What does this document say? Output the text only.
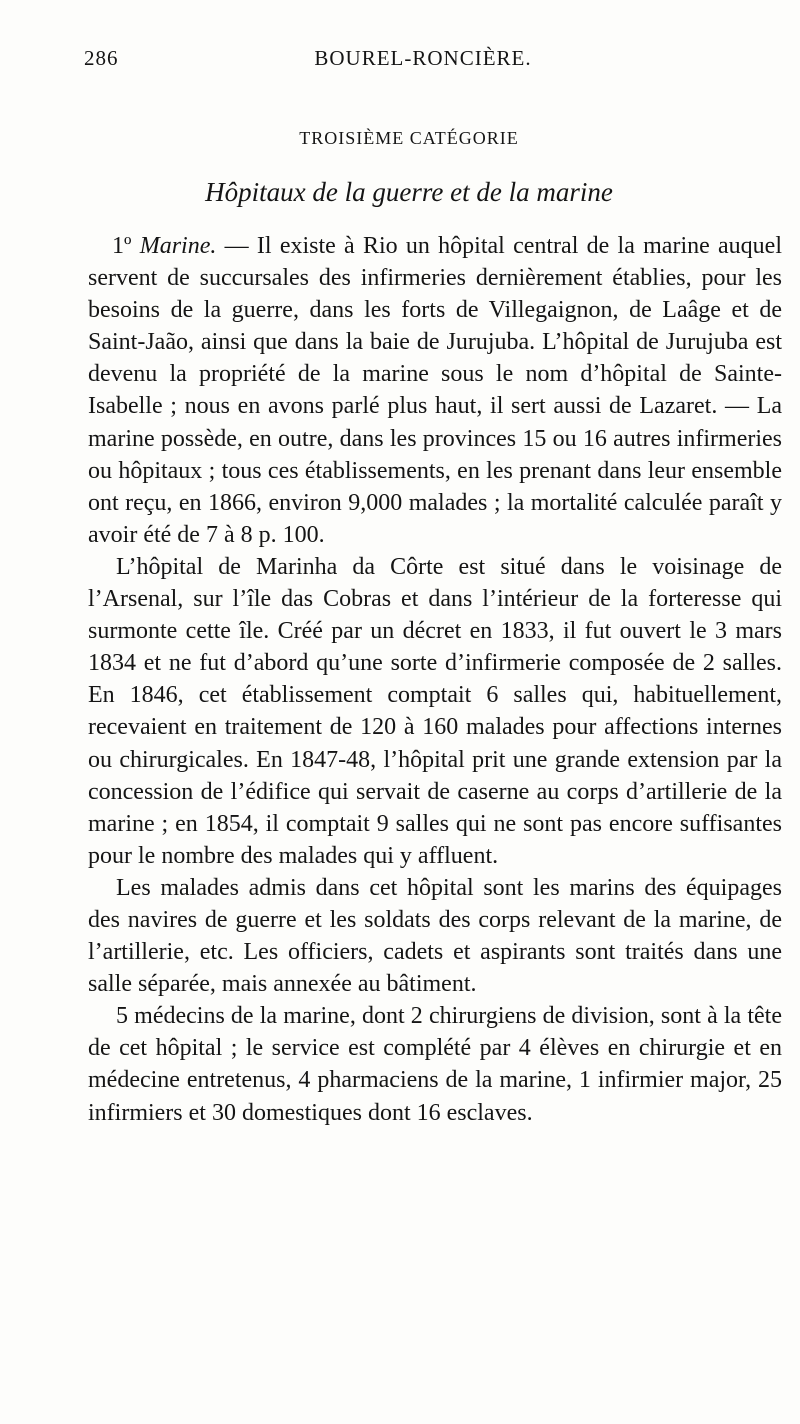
286	BOUREL-RONCIÈRE.
TROISIÈME CATÉGORIE
Hôpitaux de la guerre et de la marine

1º Marine. — Il existe à Rio un hôpital central de la marine auquel servent de succursales des infirmeries dernièrement établies, pour les besoins de la guerre, dans les forts de Villegaignon, de Laâge et de Saint-Jaão, ainsi que dans la baie de Jurujuba. L’hôpital de Jurujuba est devenu la propriété de la marine sous le nom d’hôpital de Sainte-Isabelle ; nous en avons parlé plus haut, il sert aussi de Lazaret. — La marine possède, en outre, dans les provinces 15 ou 16 autres infirmeries ou hôpitaux ; tous ces établissements, en les prenant dans leur ensemble ont reçu, en 1866, environ 9,000 malades ; la mortalité calculée paraît y avoir été de 7 à 8 p. 100.

L’hôpital de Marinha da Côrte est situé dans le voisinage de l’Arsenal, sur l’île das Cobras et dans l’intérieur de la forteresse qui surmonte cette île. Créé par un décret en 1833, il fut ouvert le 3 mars 1834 et ne fut d’abord qu’une sorte d’infirmerie composée de 2 salles. En 1846, cet établissement comptait 6 salles qui, habituellement, recevaient en traitement de 120 à 160 malades pour affections internes ou chirurgicales. En 1847-48, l’hôpital prit une grande extension par la concession de l’édifice qui servait de caserne au corps d’artillerie de la marine ; en 1854, il comptait 9 salles qui ne sont pas encore suffisantes pour le nombre des malades qui y affluent.

Les malades admis dans cet hôpital sont les marins des équipages des navires de guerre et les soldats des corps relevant de la marine, de l’artillerie, etc. Les officiers, cadets et aspirants sont traités dans une salle séparée, mais annexée au bâtiment.

5 médecins de la marine, dont 2 chirurgiens de division, sont à la tête de cet hôpital ; le service est complété par 4 élèves en chirurgie et en médecine entretenus, 4 pharmaciens de la marine, 1 infirmier major, 25 infirmiers et 30 domestiques dont 16 esclaves.
